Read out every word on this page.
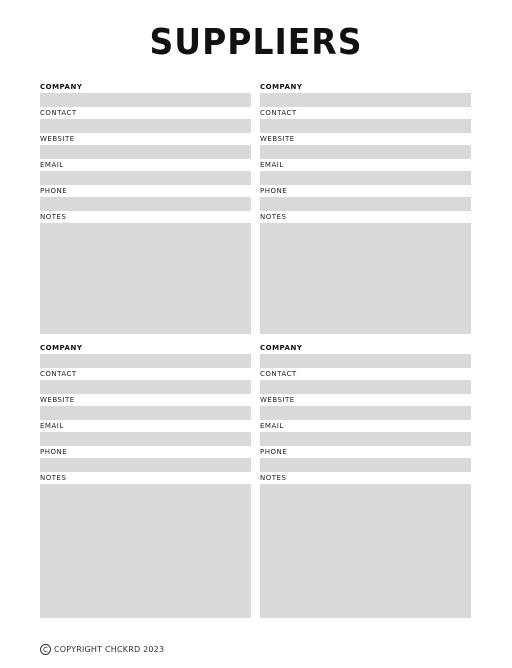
SUPPLIERS
COMPANY
CONTACT
WEBSITE
EMAIL
PHONE
NOTES
COMPANY
CONTACT
WEBSITE
EMAIL
PHONE
NOTES
COMPANY
CONTACT
WEBSITE
EMAIL
PHONE
NOTES
COMPANY
CONTACT
WEBSITE
EMAIL
PHONE
NOTES
C COPYRIGHT CHCKRD 2023
